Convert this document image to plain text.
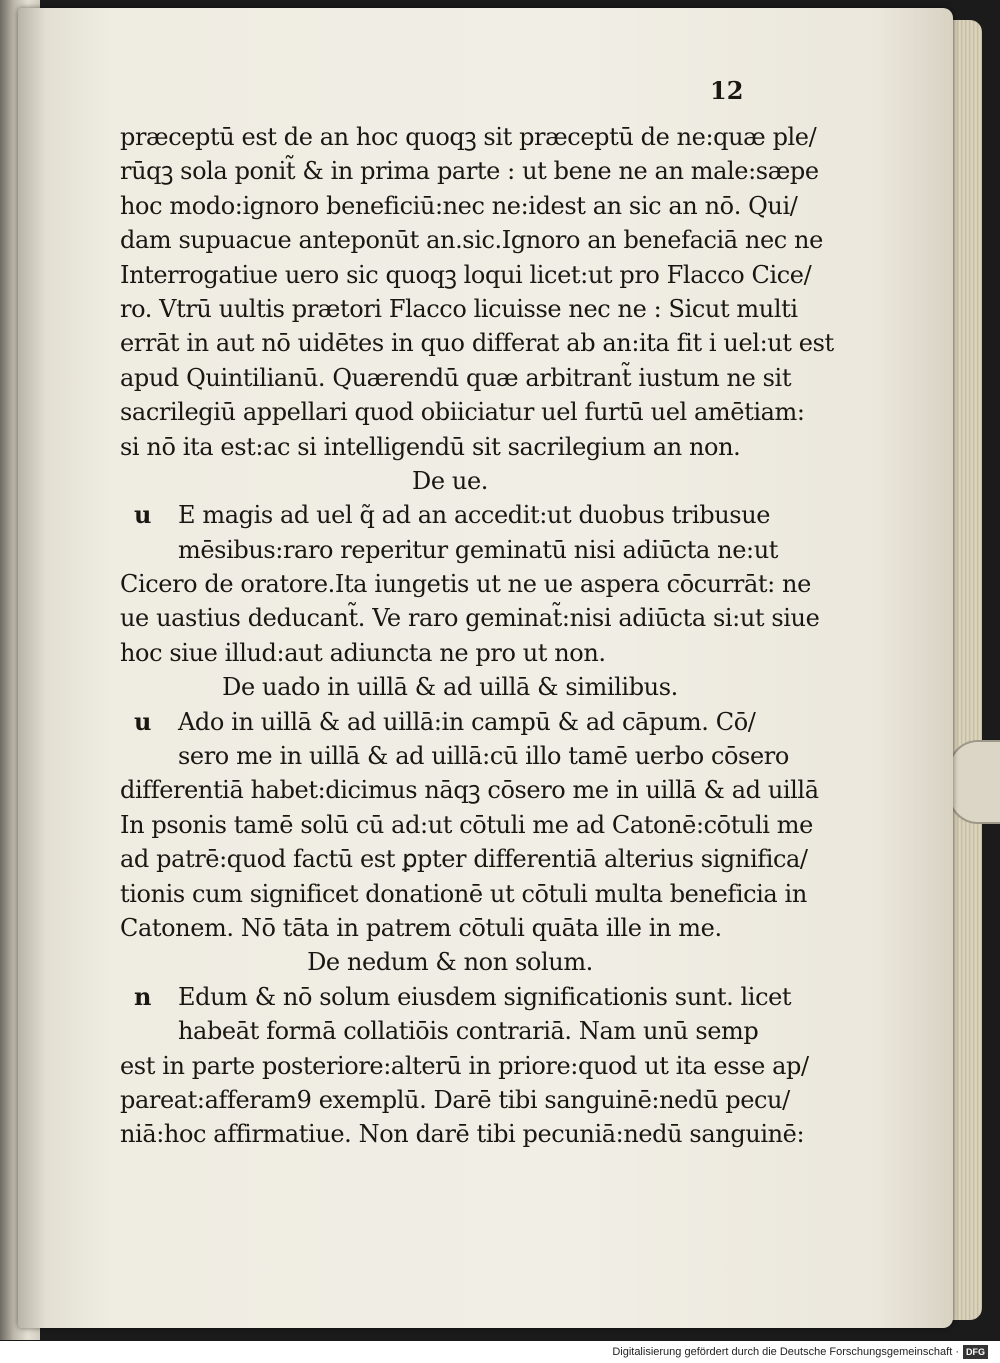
12
præceptū est de an hoc quoqꝫ sit præceptū de ne:quæ ple/
rūqꝫ sola ponit̃ & in prima parte : ut bene ne an male:sæpe
hoc modo:ignoro beneficiū:nec ne:idest an sic an nō. Qui/
dam supuacue anteponūt an.sic.Ignoro an benefaciā nec ne
Interrogatiue uero sic quoqꝫ loqui licet:ut pro Flacco Cice/
ro. Vtrū uultis prætori Flacco licuisse nec ne : Sicut multi
errāt in aut nō uidētes in quo differat ab an:ita fit i uel:ut est
apud Quintilianū. Quærendū quæ arbitrant̃ iustum ne sit
sacrilegiū appellari quod obiiciatur uel furtū uel amētiam:
si nō ita est:ac si intelligendū sit sacrilegium an non.
De ue.
u E magis ad uel q̃ ad an accedit:ut duobus tribusue
mēsibus:raro reperitur geminatū nisi adiūcta ne:ut
Cicero de oratore.Ita iungetis ut ne ue aspera cōcurrāt: ne
ue uastius deducant̃. Ve raro geminat̃:nisi adiūcta si:ut siue
hoc siue illud:aut adiuncta ne pro ut non.
De uado in uillā & ad uillā & similibus.
u Ado in uillā & ad uillā:in campū & ad cāpum. Cō/
sero me in uillā & ad uillā:cū illo tamē uerbo cōsero
differentiā habet:dicimus nāqꝫ cōsero me in uillā & ad uillā
In psonis tamē solū cū ad:ut cōtuli me ad Catonē:cōtuli me
ad patrē:quod factū est ꝑpter differentiā alterius significa/
tionis cum significet donationē ut cōtuli multa beneficia in
Catonem. Nō tāta in patrem cōtuli quāta ille in me.
De nedum & non solum.
n Edum & nō solum eiusdem significationis sunt. licet
habeāt formā collatiōis contrariā. Nam unū semp
est in parte posteriore:alterū in priore:quod ut ita esse ap/
pareat:afferam9 exemplū. Darē tibi sanguinē:nedū pecu/
niā:hoc affirmatiue. Non darē tibi pecuniā:nedū sanguinē:
Digitalisierung gefördert durch die Deutsche Forschungsgemeinschaft · DFG
